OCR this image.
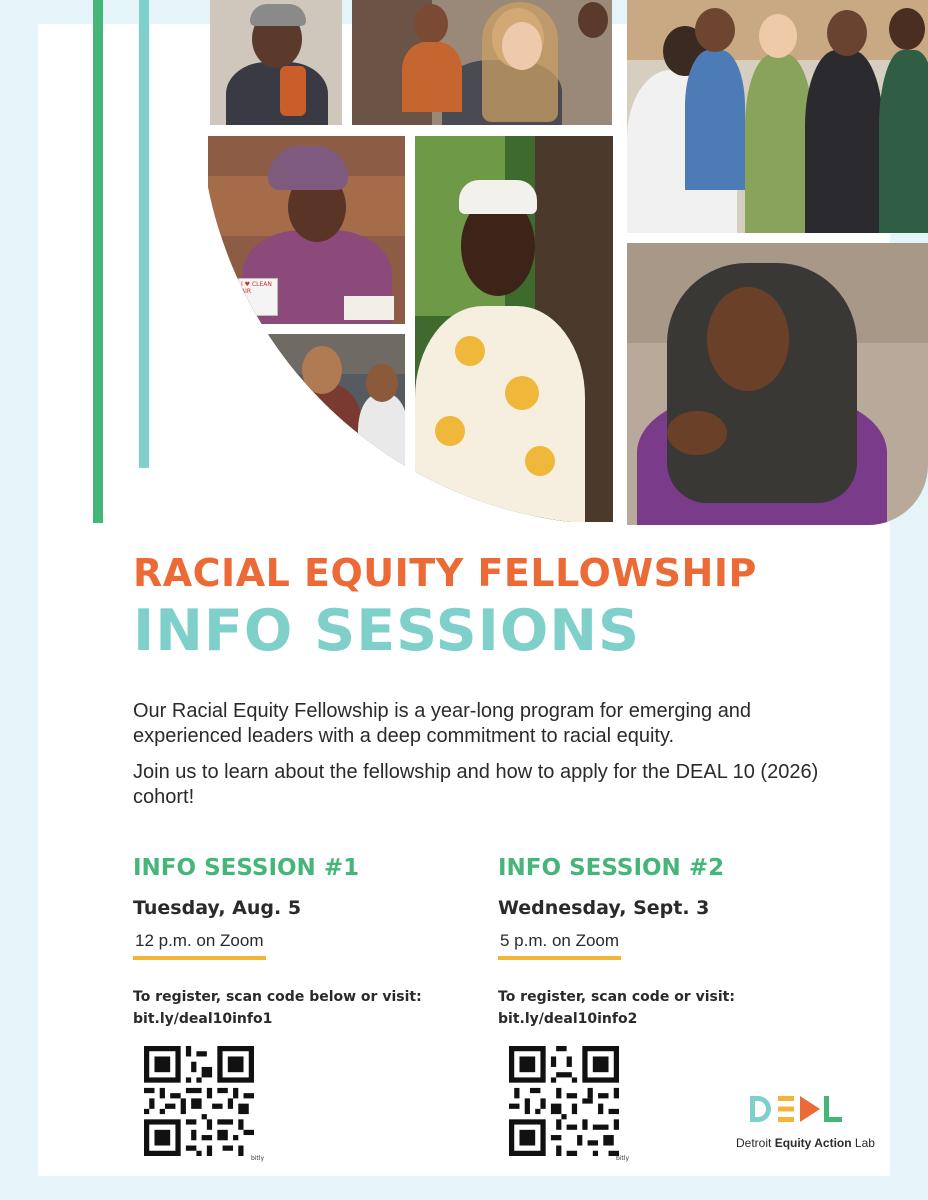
I ♥ CLEAN AIR
RACIAL EQUITY FELLOWSHIP
INFO SESSIONS

Our Racial Equity Fellowship is a year-long program for emerging and experienced leaders with a deep commitment to racial equity.

Join us to learn about the fellowship and how to apply for the DEAL 10 (2026) cohort!

INFO SESSION #1

Tuesday, Aug. 5

12 p.m. on Zoom

To register, scan code below or visit: bit.ly/deal10info1

INFO SESSION #2

Wednesday, Sept. 3

5 p.m. on Zoom

To register, scan code or visit: bit.ly/deal10info2

bitly	bitly
Detroit Equity Action Lab
